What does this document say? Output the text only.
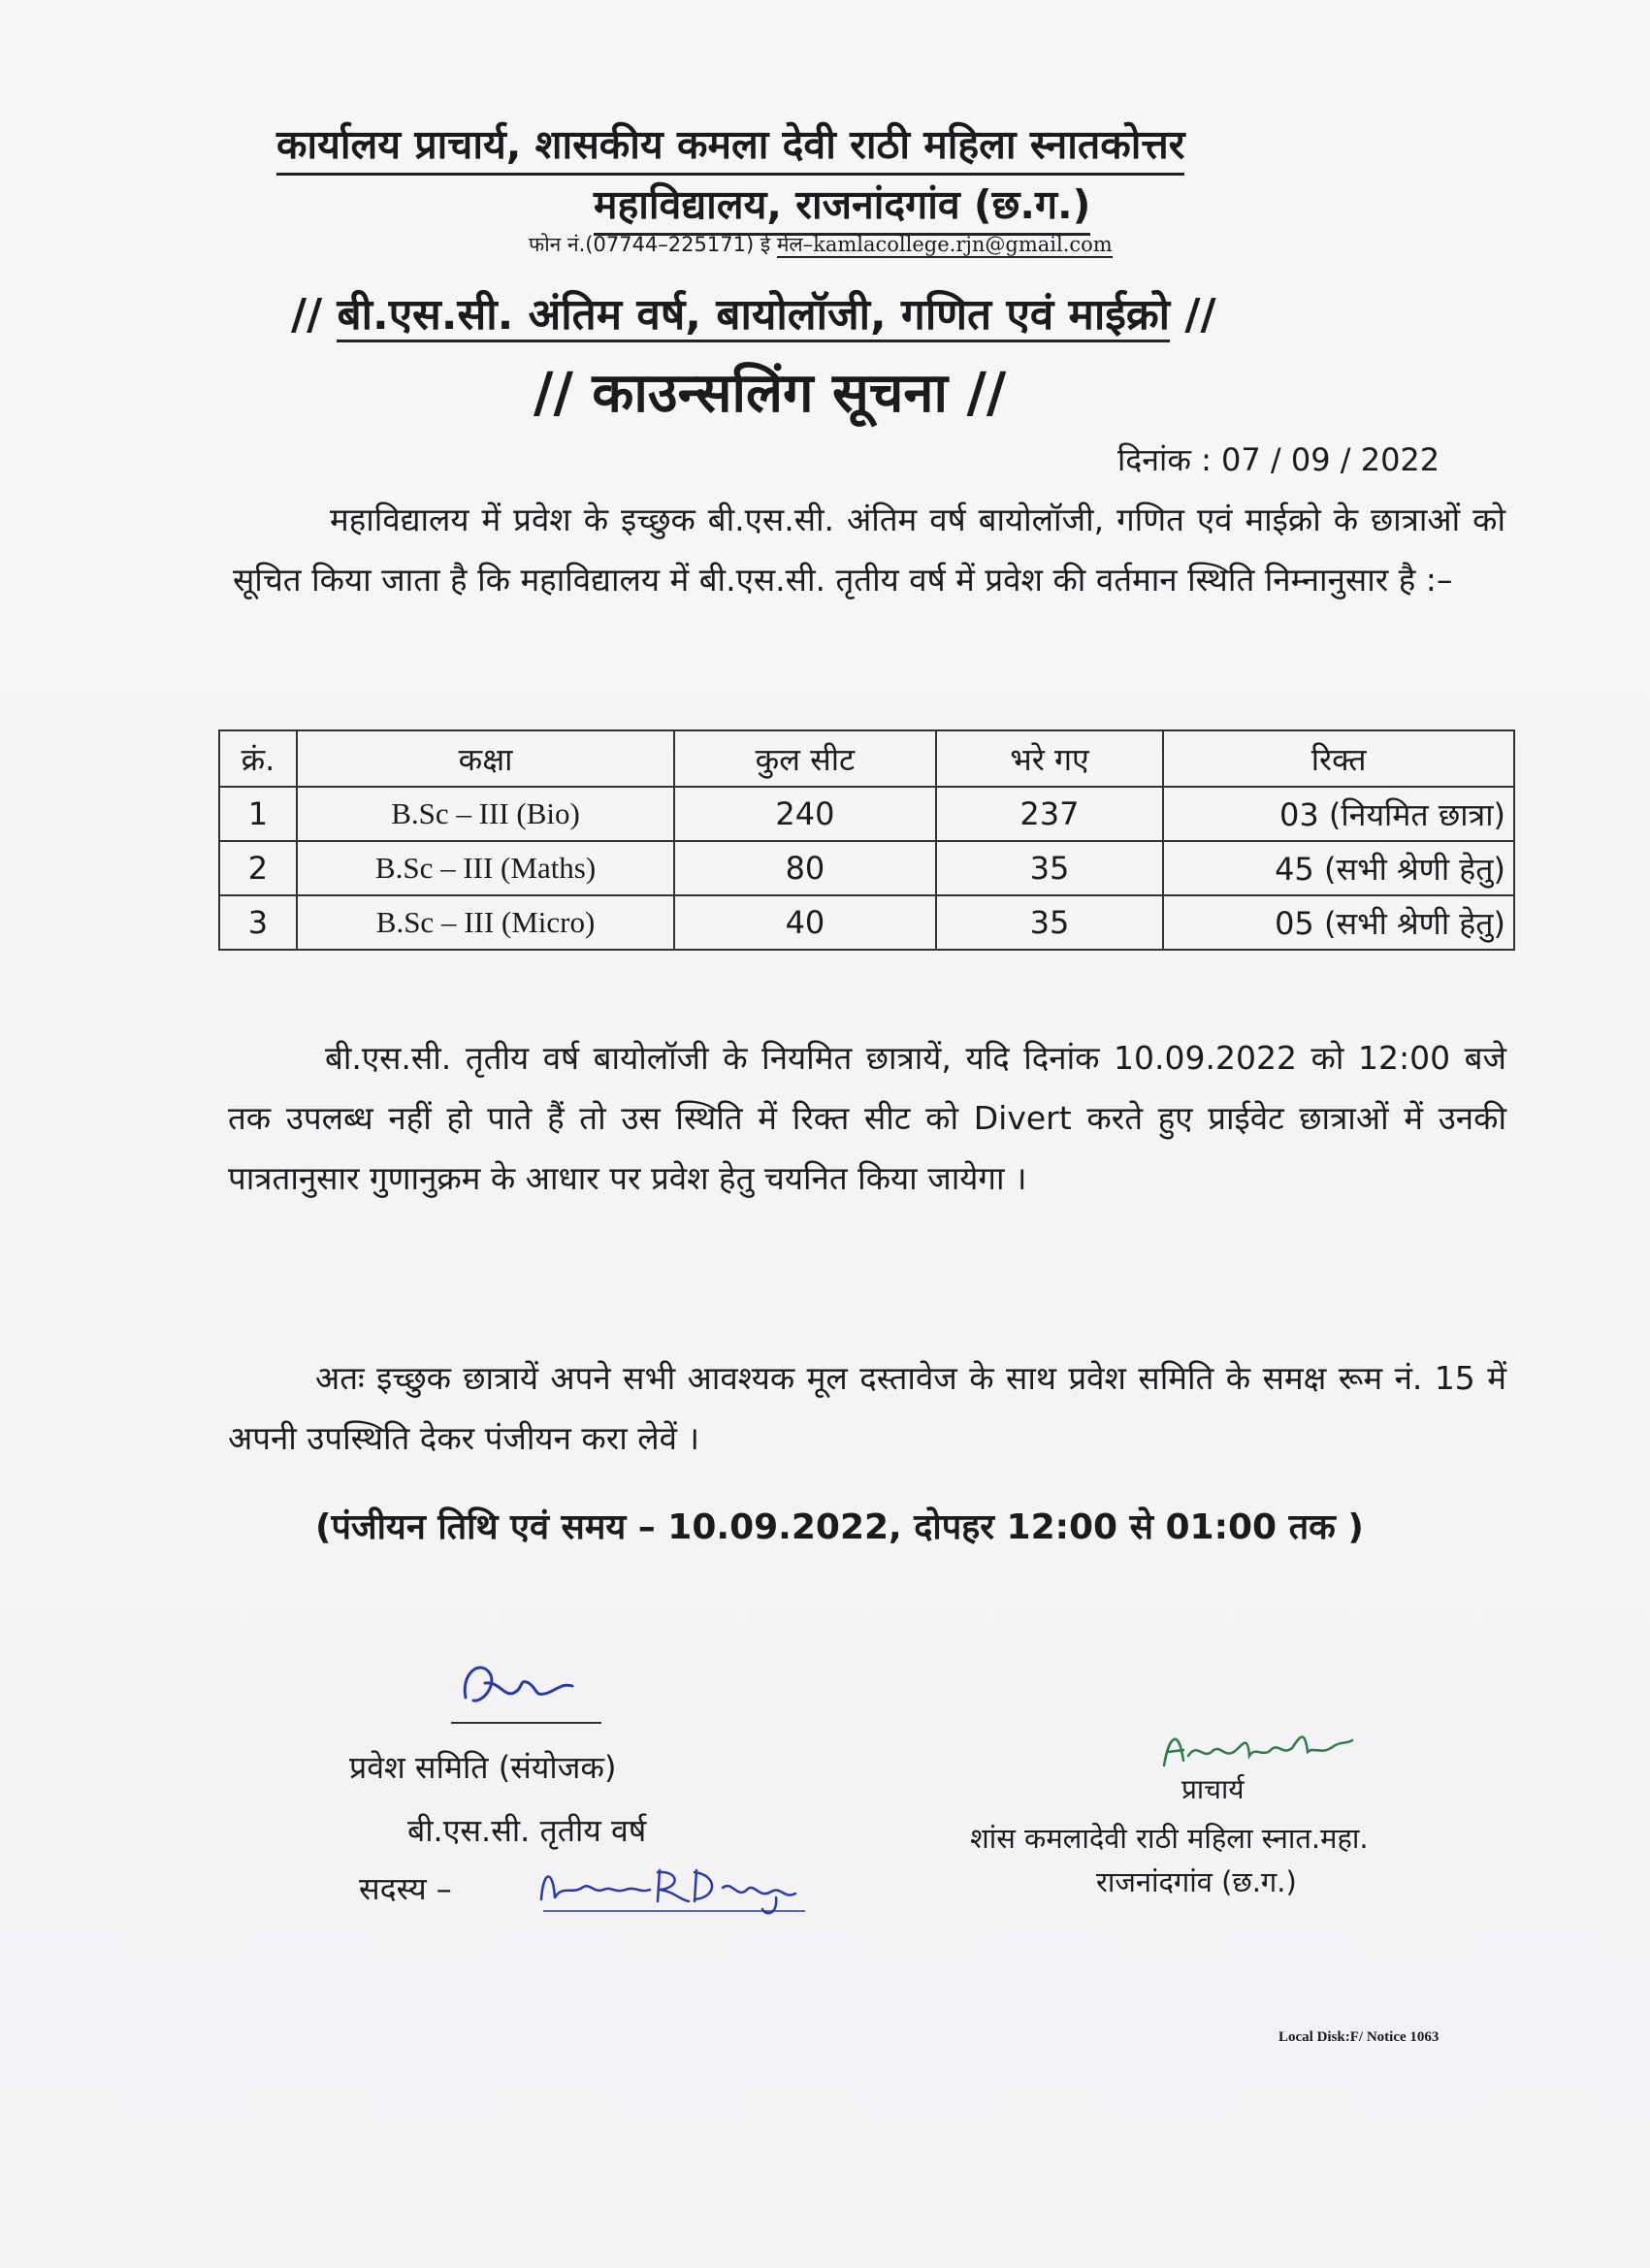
कार्यालय प्राचार्य, शासकीय कमला देवी राठी महिला स्नातकोत्तर
महाविद्यालय, राजनांदगांव (छ.ग.)
फोन नं.(07744–225171) ई मेल–kamlacollege.rjn@gmail.com
// बी.एस.सी. अंतिम वर्ष, बायोलॉजी, गणित एवं माईक्रो //
// काउन्सलिंग सूचना //
दिनांक : 07 / 09 / 2022
महाविद्यालय में प्रवेश के इच्छुक बी.एस.सी. अंतिम वर्ष बायोलॉजी, गणित एवं माईक्रो के छात्राओं को सूचित किया जाता है कि महाविद्यालय में बी.एस.सी. तृतीय वर्ष में प्रवेश की वर्तमान स्थिति निम्नानुसार है :–
क्रं.	कक्षा	कुल सीट	भरे गए	रिक्त
1	B.Sc – III (Bio)	240	237	03 (नियमित छात्रा)
2	B.Sc – III (Maths)	80	35	45 (सभी श्रेणी हेतु)
3	B.Sc – III (Micro)	40	35	05 (सभी श्रेणी हेतु)
बी.एस.सी. तृतीय वर्ष बायोलॉजी के नियमित छात्रायें, यदि दिनांक 10.09.2022 को 12:00 बजे तक उपलब्ध नहीं हो पाते हैं तो उस स्थिति में रिक्त सीट को Divert करते हुए प्राईवेट छात्राओं में उनकी पात्रतानुसार गुणानुक्रम के आधार पर प्रवेश हेतु चयनित किया जायेगा ।
अतः इच्छुक छात्रायें अपने सभी आवश्यक मूल दस्तावेज के साथ प्रवेश समिति के समक्ष रूम नं. 15 में अपनी उपस्थिति देकर पंजीयन करा लेवें ।
(पंजीयन तिथि एवं समय – 10.09.2022, दोपहर 12:00 से 01:00 तक )
प्रवेश समिति (संयोजक)
बी.एस.सी. तृतीय वर्ष
सदस्य –
प्राचार्य
शांस कमलादेवी राठी महिला स्नात.महा.
राजनांदगांव (छ.ग.)
Local Disk:F/ Notice 1063
